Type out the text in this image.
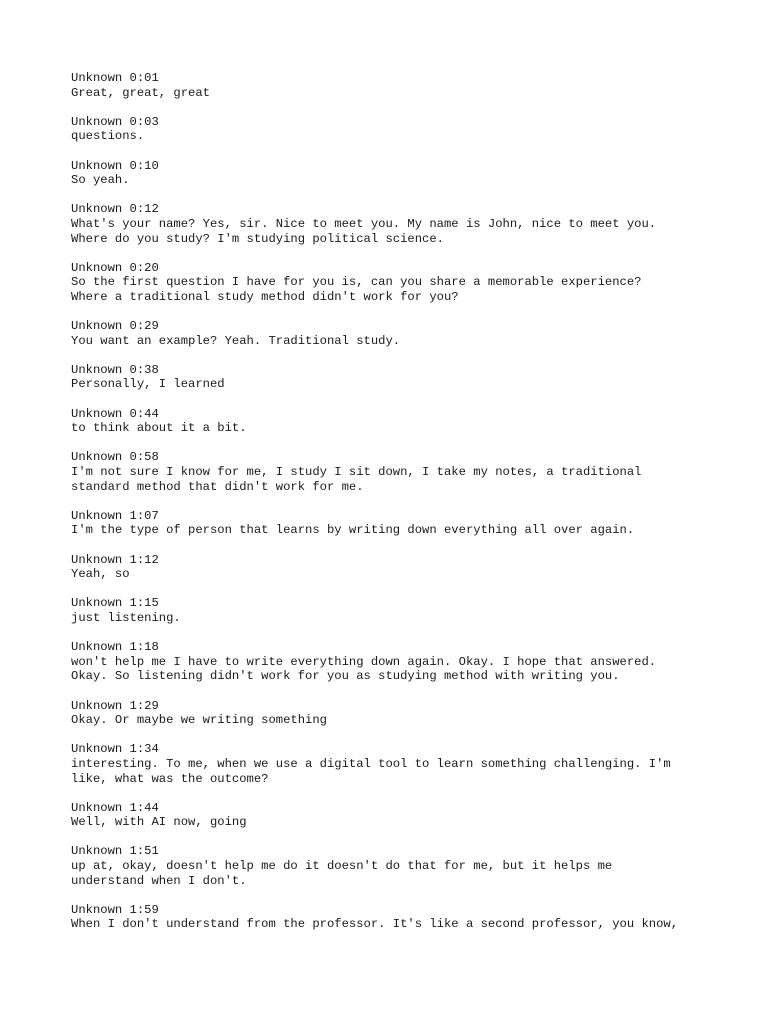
Unknown 0:01
Great, great, great
Unknown 0:03
questions.
Unknown 0:10
So yeah.
Unknown 0:12
What's your name? Yes, sir. Nice to meet you. My name is John, nice to meet you.
Where do you study? I'm studying political science.
Unknown 0:20
So the first question I have for you is, can you share a memorable experience?
Where a traditional study method didn't work for you?
Unknown 0:29
You want an example? Yeah. Traditional study.
Unknown 0:38
Personally, I learned
Unknown 0:44
to think about it a bit.
Unknown 0:58
I'm not sure I know for me, I study I sit down, I take my notes, a traditional
standard method that didn't work for me.
Unknown 1:07
I'm the type of person that learns by writing down everything all over again.
Unknown 1:12
Yeah, so
Unknown 1:15
just listening.
Unknown 1:18
won't help me I have to write everything down again. Okay. I hope that answered.
Okay. So listening didn't work for you as studying method with writing you.
Unknown 1:29
Okay. Or maybe we writing something
Unknown 1:34
interesting. To me, when we use a digital tool to learn something challenging. I'm
like, what was the outcome?
Unknown 1:44
Well, with AI now, going
Unknown 1:51
up at, okay, doesn't help me do it doesn't do that for me, but it helps me
understand when I don't.
Unknown 1:59
When I don't understand from the professor. It's like a second professor, you know,
